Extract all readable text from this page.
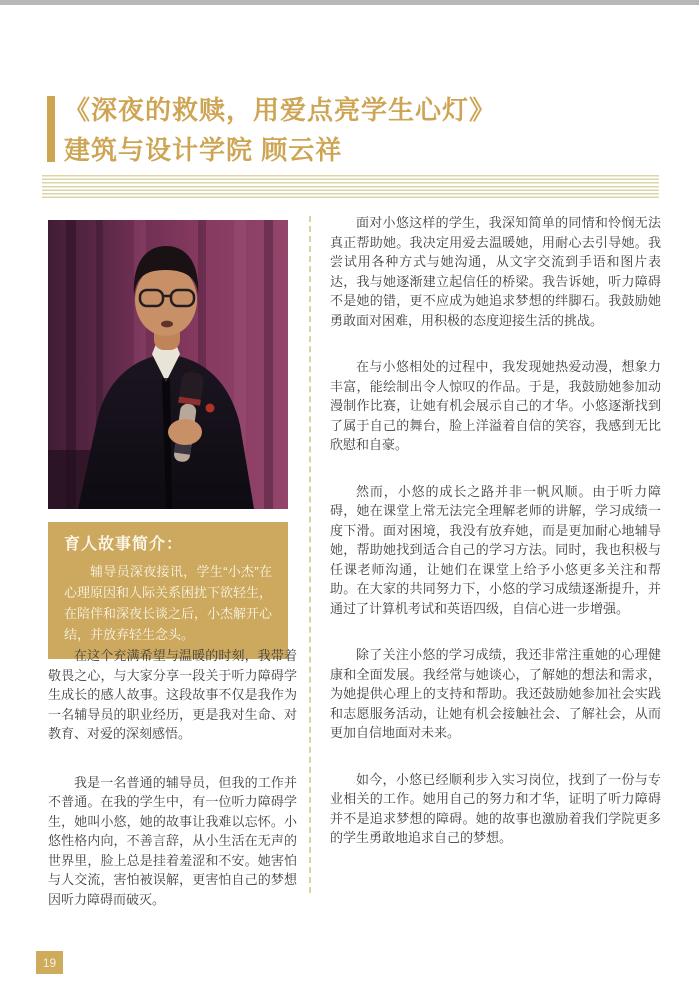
《深夜的救赎，用爱点亮学生心灯》
建筑与设计学院 顾云祥

育人故事简介：

辅导员深夜接讯，学生“小杰”在心理原因和人际关系困扰下欲轻生，在陪伴和深夜长谈之后，小杰解开心结，并放弃轻生念头。

在这个充满希望与温暖的时刻，我带着敬畏之心，与大家分享一段关于听力障碍学生成长的感人故事。这段故事不仅是我作为一名辅导员的职业经历，更是我对生命、对教育、对爱的深刻感悟。

我是一名普通的辅导员，但我的工作并不普通。在我的学生中，有一位听力障碍学生，她叫小悠，她的故事让我难以忘怀。小悠性格内向，不善言辞，从小生活在无声的世界里，脸上总是挂着羞涩和不安。她害怕与人交流，害怕被误解，更害怕自己的梦想因听力障碍而破灭。

面对小悠这样的学生，我深知简单的同情和怜悯无法真正帮助她。我决定用爱去温暖她，用耐心去引导她。我尝试用各种方式与她沟通，从文字交流到手语和图片表达，我与她逐渐建立起信任的桥梁。我告诉她，听力障碍不是她的错，更不应成为她追求梦想的绊脚石。我鼓励她勇敢面对困难，用积极的态度迎接生活的挑战。

在与小悠相处的过程中，我发现她热爱动漫，想象力丰富，能绘制出令人惊叹的作品。于是，我鼓励她参加动漫制作比赛，让她有机会展示自己的才华。小悠逐渐找到了属于自己的舞台，脸上洋溢着自信的笑容，我感到无比欣慰和自豪。

然而，小悠的成长之路并非一帆风顺。由于听力障碍，她在课堂上常无法完全理解老师的讲解，学习成绩一度下滑。面对困境，我没有放弃她，而是更加耐心地辅导她，帮助她找到适合自己的学习方法。同时，我也积极与任课老师沟通，让她们在课堂上给予小悠更多关注和帮助。在大家的共同努力下，小悠的学习成绩逐渐提升，并通过了计算机考试和英语四级，自信心进一步增强。

除了关注小悠的学习成绩，我还非常注重她的心理健康和全面发展。我经常与她谈心，了解她的想法和需求，为她提供心理上的支持和帮助。我还鼓励她参加社会实践和志愿服务活动，让她有机会接触社会、了解社会，从而更加自信地面对未来。

如今，小悠已经顺利步入实习岗位，找到了一份与专业相关的工作。她用自己的努力和才华，证明了听力障碍并不是追求梦想的障碍。她的故事也激励着我们学院更多的学生勇敢地追求自己的梦想。

19
